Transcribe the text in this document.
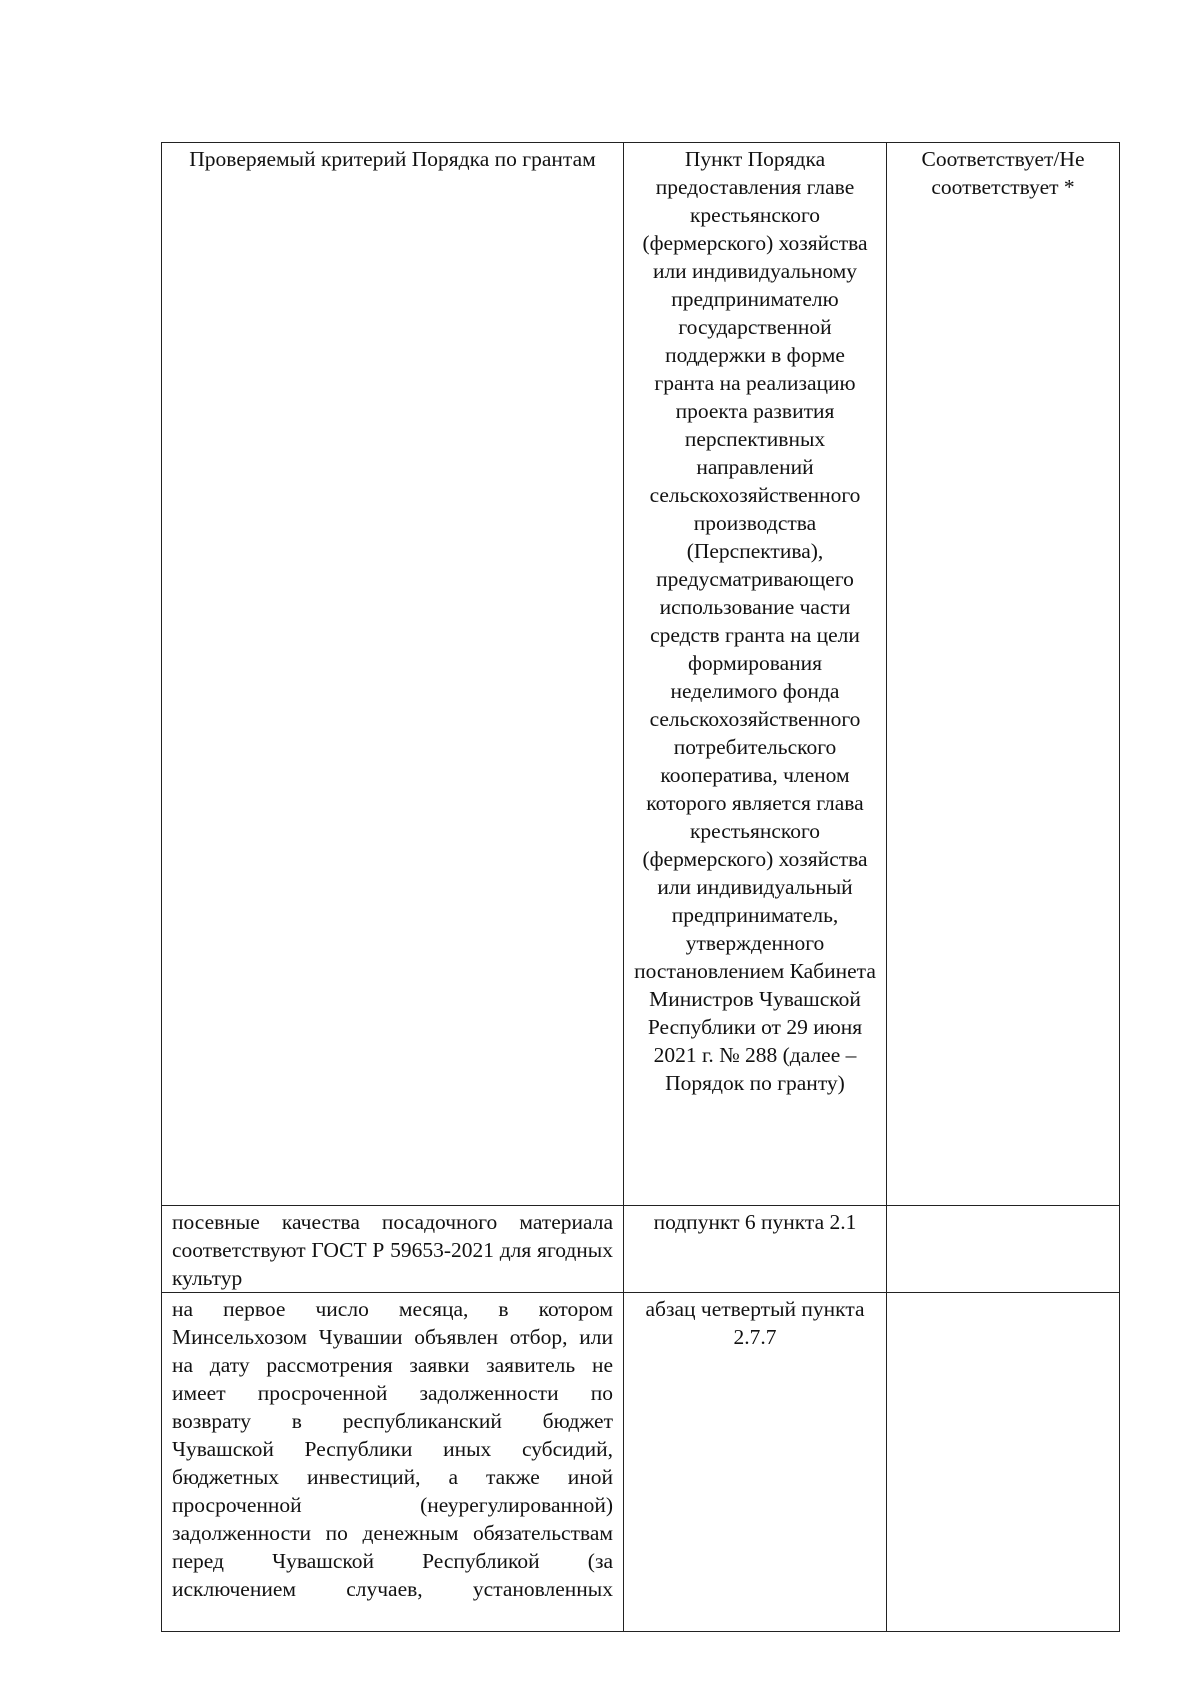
Проверяемый критерий Порядка по грантам	Пункт Порядка предоставления главе крестьянского (фермерского) хозяйства или индивидуальному предпринимателю государственной поддержки в форме гранта на реализацию проекта развития перспективных направлений сельскохозяйственного производства (Перспектива), предусматривающего использование части средств гранта на цели формирования неделимого фонда сельскохозяйственного потребительского кооператива, членом которого является глава крестьянского (фермерского) хозяйства или индивидуальный предприниматель, утвержденного постановлением Кабинета Министров Чувашской Республики от 29 июня 2021 г. № 288 (далее – Порядок по гранту)	Соответствует/Не соответствует *
посевные качества посадочного материала соответствуют ГОСТ Р 59653-2021 для ягодных культур	подпункт 6 пункта 2.1	
на первое число месяца, в котором Минсельхозом Чувашии объявлен отбор, или на дату рассмотрения заявки заявитель не имеет просроченной задолженности по возврату в республиканский бюджет Чувашской Республики иных субсидий, бюджетных инвестиций, а также иной просроченной (неурегулированной) задолженности по денежным обязательствам перед Чувашской Республикой (за исключением случаев, установленных	абзац четвертый пункта 2.7.7	
